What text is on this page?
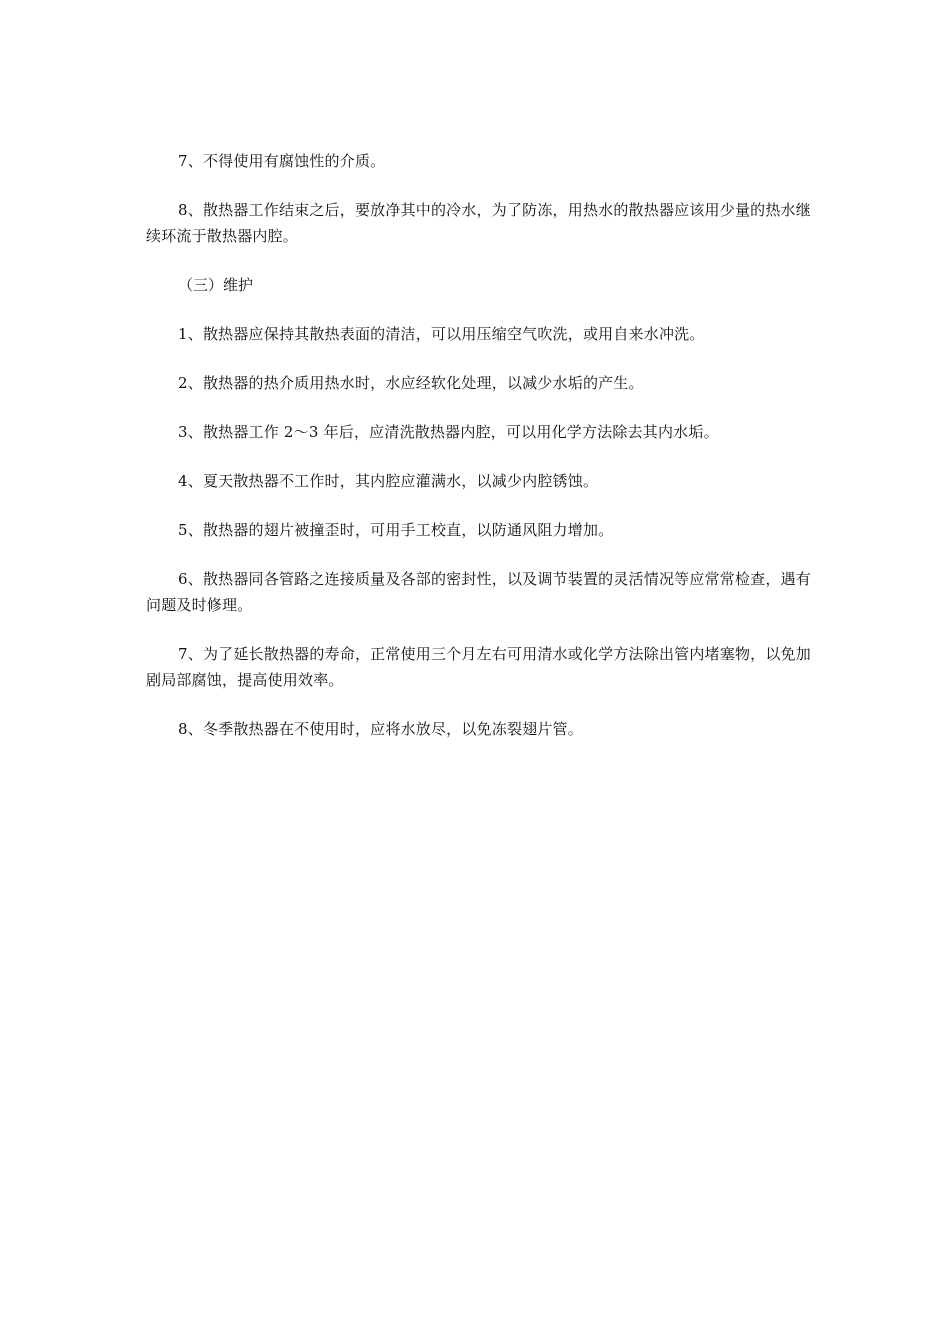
7、不得使用有腐蚀性的介质。

8、散热器工作结束之后，要放净其中的冷水，为了防冻，用热水的散热器应该用少量的热水继续环流于散热器内腔。

（三）维护

1、散热器应保持其散热表面的清洁，可以用压缩空气吹洗，或用自来水冲洗。

2、散热器的热介质用热水时，水应经软化处理，以减少水垢的产生。

3、散热器工作 2～3 年后，应清洗散热器内腔，可以用化学方法除去其内水垢。

4、夏天散热器不工作时，其内腔应灌满水，以减少内腔锈蚀。

5、散热器的翅片被撞歪时，可用手工校直，以防通风阻力增加。

6、散热器同各管路之连接质量及各部的密封性，以及调节装置的灵活情况等应常常检查，遇有问题及时修理。

7、为了延长散热器的寿命，正常使用三个月左右可用清水或化学方法除出管内堵塞物，以免加剧局部腐蚀，提高使用效率。

8、冬季散热器在不使用时，应将水放尽，以免冻裂翅片管。
